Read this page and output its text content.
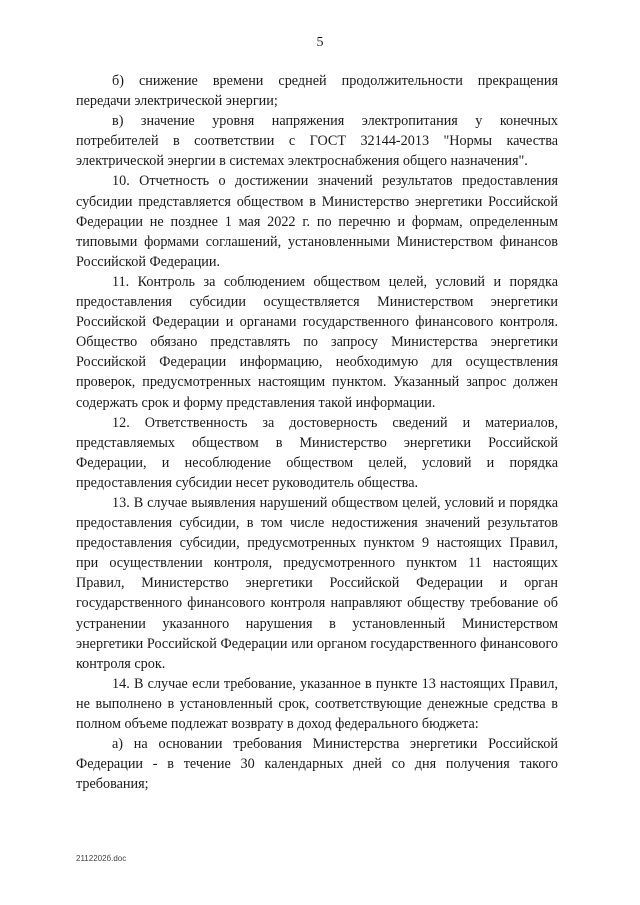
5

б) снижение времени средней продолжительности прекращения передачи электрической энергии;

в) значение уровня напряжения электропитания у конечных потребителей в соответствии с ГОСТ 32144-2013 "Нормы качества электрической энергии в системах электроснабжения общего назначения".

10. Отчетность о достижении значений результатов предоставления субсидии представляется обществом в Министерство энергетики Российской Федерации не позднее 1 мая 2022 г. по перечню и формам, определенным типовыми формами соглашений, установленными Министерством финансов Российской Федерации.

11. Контроль за соблюдением обществом целей, условий и порядка предоставления субсидии осуществляется Министерством энергетики Российской Федерации и органами государственного финансового контроля. Общество обязано представлять по запросу Министерства энергетики Российской Федерации информацию, необходимую для осуществления проверок, предусмотренных настоящим пунктом. Указанный запрос должен содержать срок и форму представления такой информации.

12. Ответственность за достоверность сведений и материалов, представляемых обществом в Министерство энергетики Российской Федерации, и несоблюдение обществом целей, условий и порядка предоставления субсидии несет руководитель общества.

13. В случае выявления нарушений обществом целей, условий и порядка предоставления субсидии, в том числе недостижения значений результатов предоставления субсидии, предусмотренных пунктом 9 настоящих Правил, при осуществлении контроля, предусмотренного пунктом 11 настоящих Правил, Министерство энергетики Российской Федерации и орган государственного финансового контроля направляют обществу требование об устранении указанного нарушения в установленный Министерством энергетики Российской Федерации или органом государственного финансового контроля срок.

14. В случае если требование, указанное в пункте 13 настоящих Правил, не выполнено в установленный срок, соответствующие денежные средства в полном объеме подлежат возврату в доход федерального бюджета:

а) на основании требования Министерства энергетики Российской Федерации - в течение 30 календарных дней со дня получения такого требования;

2112202б.doc
